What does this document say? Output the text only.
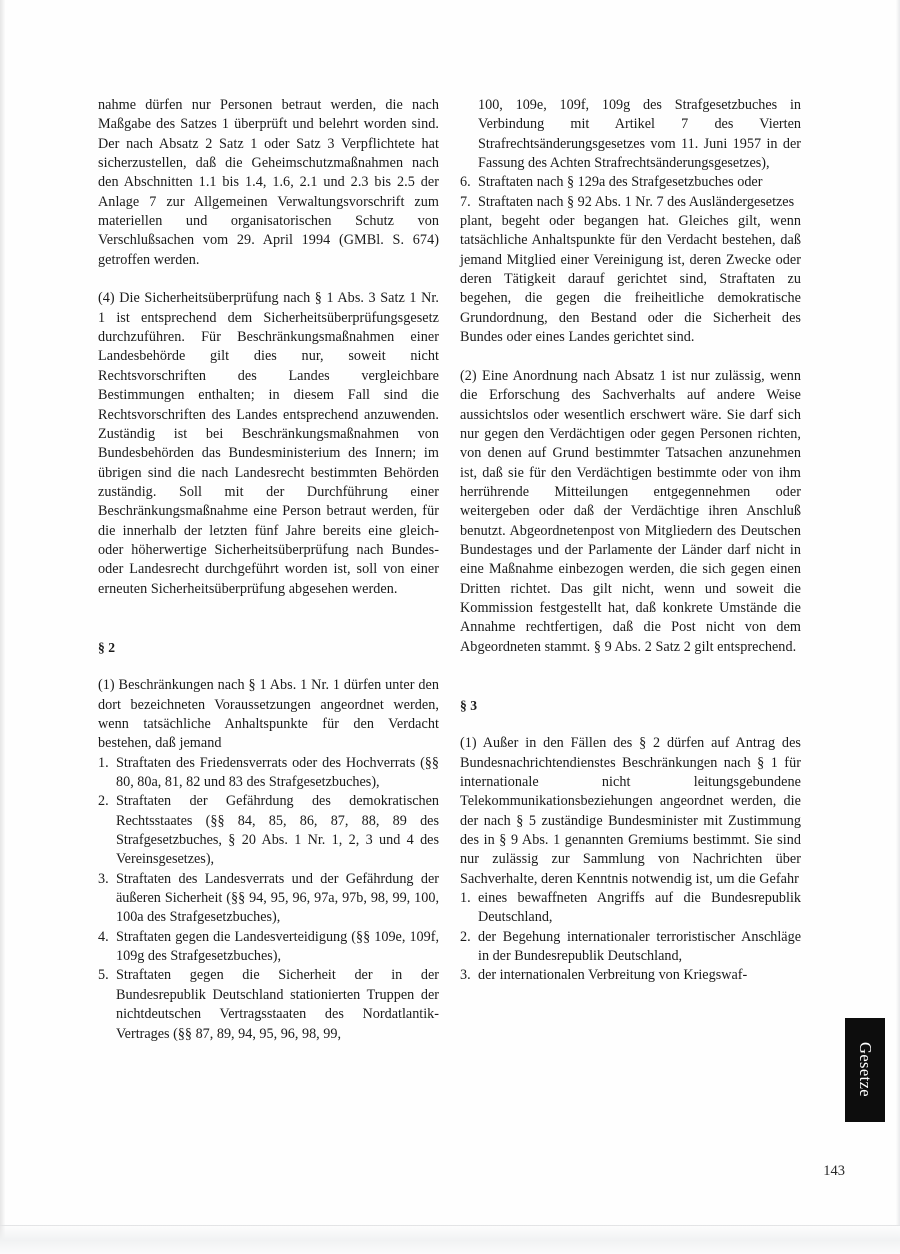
nahme dürfen nur Personen betraut werden, die nach Maßgabe des Satzes 1 überprüft und belehrt worden sind. Der nach Absatz 2 Satz 1 oder Satz 3 Verpflichtete hat sicherzustellen, daß die Geheimschutzmaßnahmen nach den Abschnitten 1.1 bis 1.4, 1.6, 2.1 und 2.3 bis 2.5 der Anlage 7 zur Allgemeinen Verwaltungsvorschrift zum materiellen und organisatorischen Schutz von Verschlußsachen vom 29. April 1994 (GMBl. S. 674) getroffen werden.

(4) Die Sicherheitsüberprüfung nach § 1 Abs. 3 Satz 1 Nr. 1 ist entsprechend dem Sicherheitsüberprüfungsgesetz durchzuführen. Für Beschränkungsmaßnahmen einer Landesbehörde gilt dies nur, soweit nicht Rechtsvorschriften des Landes vergleichbare Bestimmungen enthalten; in diesem Fall sind die Rechtsvorschriften des Landes entsprechend anzuwenden. Zuständig ist bei Beschränkungsmaßnahmen von Bundesbehörden das Bundesministerium des Innern; im übrigen sind die nach Landesrecht bestimmten Behörden zuständig. Soll mit der Durchführung einer Beschränkungsmaßnahme eine Person betraut werden, für die innerhalb der letzten fünf Jahre bereits eine gleich- oder höherwertige Sicherheitsüberprüfung nach Bundes- oder Landesrecht durchgeführt worden ist, soll von einer erneuten Sicherheitsüberprüfung abgesehen werden.

§ 2

(1) Beschränkungen nach § 1 Abs. 1 Nr. 1 dürfen unter den dort bezeichneten Voraussetzungen angeordnet werden, wenn tatsächliche Anhaltspunkte für den Verdacht bestehen, daß jemand

1. Straftaten des Friedensverrats oder des Hochverrats (§§ 80, 80a, 81, 82 und 83 des Strafgesetzbuches),
2. Straftaten der Gefährdung des demokratischen Rechtsstaates (§§ 84, 85, 86, 87, 88, 89 des Strafgesetzbuches, § 20 Abs. 1 Nr. 1, 2, 3 und 4 des Vereinsgesetzes),
3. Straftaten des Landesverrats und der Gefährdung der äußeren Sicherheit (§§ 94, 95, 96, 97a, 97b, 98, 99, 100, 100a des Strafgesetzbuches),
4. Straftaten gegen die Landesverteidigung (§§ 109e, 109f, 109g des Strafgesetzbuches),
5. Straftaten gegen die Sicherheit der in der Bundesrepublik Deutschland stationierten Truppen der nichtdeutschen Vertragsstaaten des Nordatlantik-Vertrages (§§ 87, 89, 94, 95, 96, 98, 99,
100, 109e, 109f, 109g des Strafgesetzbuches in Verbindung mit Artikel 7 des Vierten Strafrechtsänderungsgesetzes vom 11. Juni 1957 in der Fassung des Achten Strafrechtsänderungsgesetzes),
6. Straftaten nach § 129a des Strafgesetzbuches oder
7. Straftaten nach § 92 Abs. 1 Nr. 7 des Ausländergesetzes

plant, begeht oder begangen hat. Gleiches gilt, wenn tatsächliche Anhaltspunkte für den Verdacht bestehen, daß jemand Mitglied einer Vereinigung ist, deren Zwecke oder deren Tätigkeit darauf gerichtet sind, Straftaten zu begehen, die gegen die freiheitliche demokratische Grundordnung, den Bestand oder die Sicherheit des Bundes oder eines Landes gerichtet sind.

(2) Eine Anordnung nach Absatz 1 ist nur zulässig, wenn die Erforschung des Sachverhalts auf andere Weise aussichtslos oder wesentlich erschwert wäre. Sie darf sich nur gegen den Verdächtigen oder gegen Personen richten, von denen auf Grund bestimmter Tatsachen anzunehmen ist, daß sie für den Verdächtigen bestimmte oder von ihm herrührende Mitteilungen entgegennehmen oder weitergeben oder daß der Verdächtige ihren Anschluß benutzt. Abgeordnetenpost von Mitgliedern des Deutschen Bundestages und der Parlamente der Länder darf nicht in eine Maßnahme einbezogen werden, die sich gegen einen Dritten richtet. Das gilt nicht, wenn und soweit die Kommission festgestellt hat, daß konkrete Umstände die Annahme rechtfertigen, daß die Post nicht von dem Abgeordneten stammt. § 9 Abs. 2 Satz 2 gilt entsprechend.

§ 3

(1) Außer in den Fällen des § 2 dürfen auf Antrag des Bundesnachrichtendienstes Beschränkungen nach § 1 für internationale nicht leitungsgebundene Telekommunikationsbeziehungen angeordnet werden, die der nach § 5 zuständige Bundesminister mit Zustimmung des in § 9 Abs. 1 genannten Gremiums bestimmt. Sie sind nur zulässig zur Sammlung von Nachrichten über Sachverhalte, deren Kenntnis notwendig ist, um die Gefahr

1. eines bewaffneten Angriffs auf die Bundesrepublik Deutschland,
2. der Begehung internationaler terroristischer Anschläge in der Bundesrepublik Deutschland,
3. der internationalen Verbreitung von Kriegswaf-
Gesetze
143
